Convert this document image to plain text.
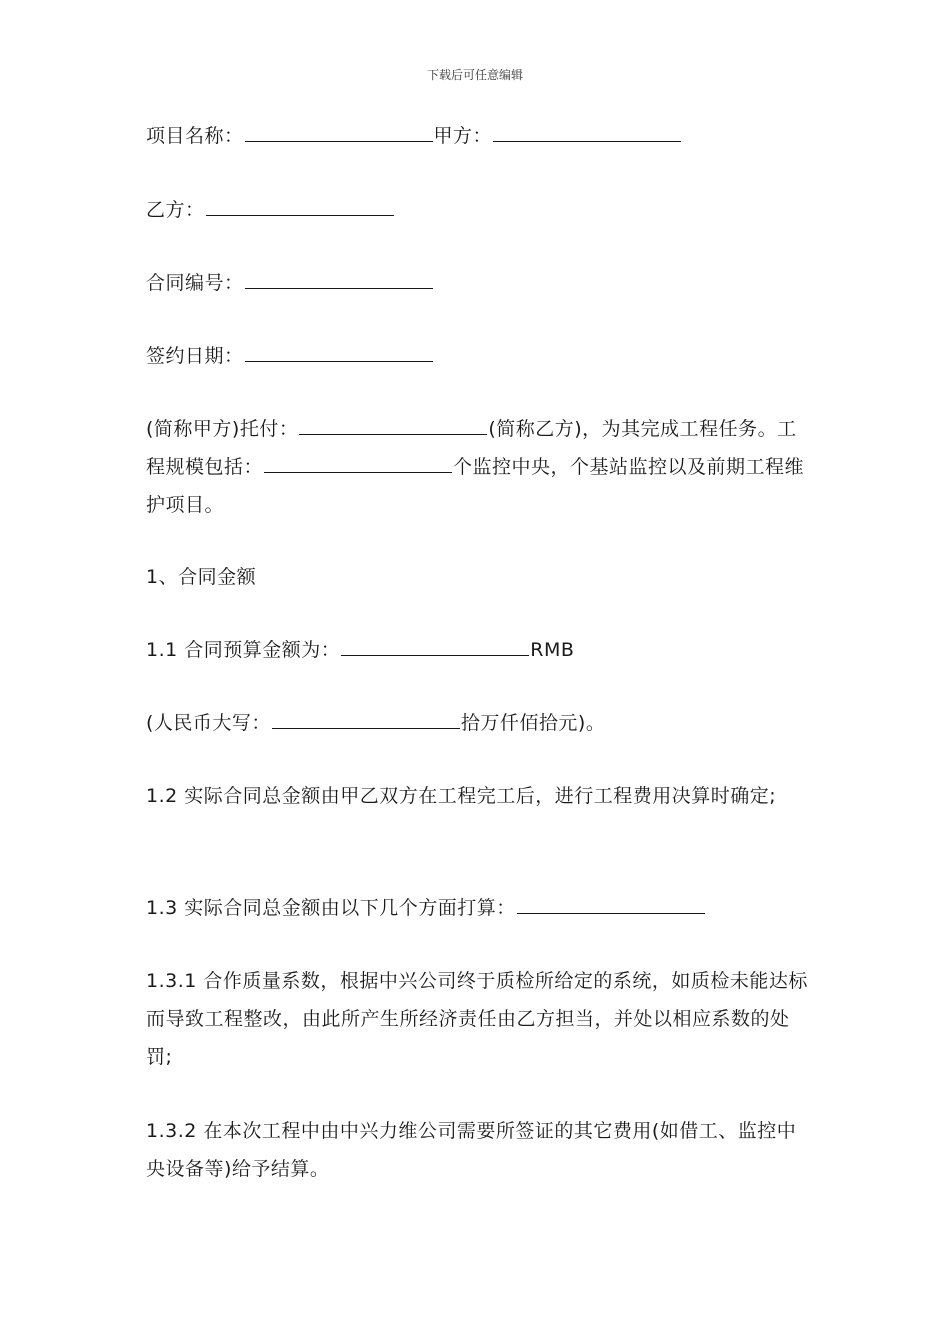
下载后可任意编辑
项目名称：	甲方：
乙方：
合同编号：
签约日期：
(简称甲方)托付：	(简称乙方)，为其完成工程任务。工程规模包括：	个监控中央，个基站监控以及前期工程维护项目。
1、合同金额
1.1 合同预算金额为：	RMB
(人民币大写：	拾万仟佰拾元)。
1.2 实际合同总金额由甲乙双方在工程完工后，进行工程费用决算时确定;
1.3 实际合同总金额由以下几个方面打算：
1.3.1 合作质量系数，根据中兴公司终于质检所给定的系统，如质检未能达标而导致工程整改，由此所产生所经济责任由乙方担当，并处以相应系数的处罚;
1.3.2 在本次工程中由中兴力维公司需要所签证的其它费用(如借工、监控中央设备等)给予结算。
